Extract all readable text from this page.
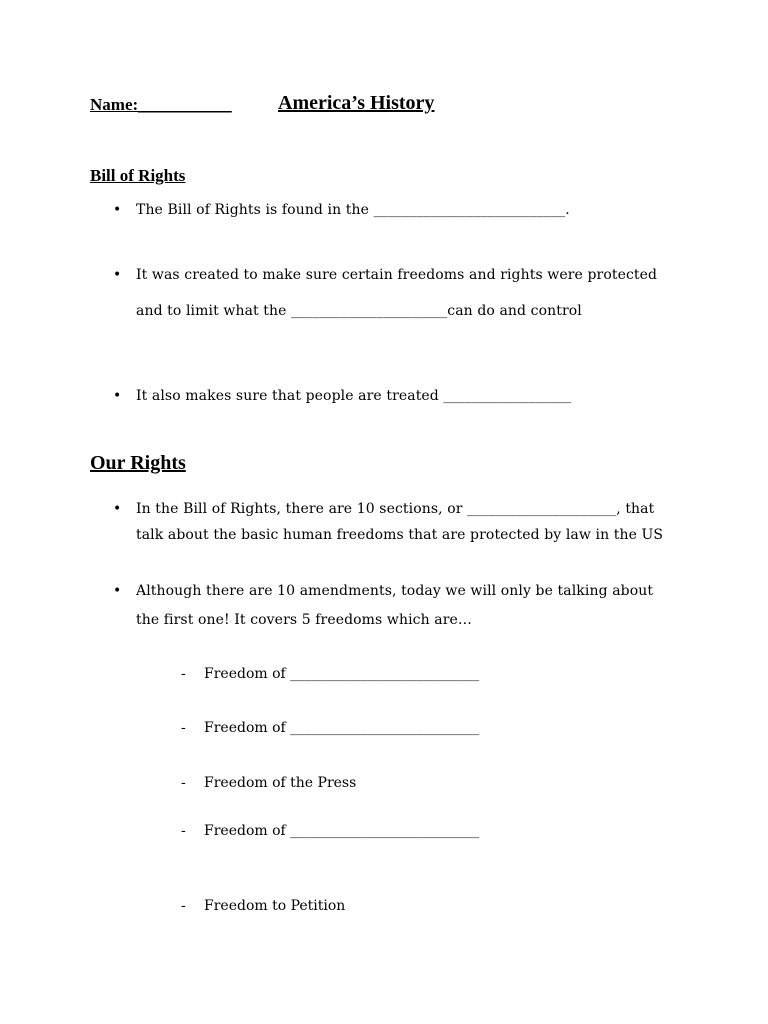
Name:___________ America’s History
Bill of Rights
• The Bill of Rights is found in the ___________________________.
• It was created to make sure certain freedoms and rights were protected
and to limit what the ______________________can do and control
• It also makes sure that people are treated __________________
Our Rights
• In the Bill of Rights, there are 10 sections, or _____________________, that
talk about the basic human freedoms that are protected by law in the US
• Although there are 10 amendments, today we will only be talking about
the first one! It covers 5 freedoms which are…
- Freedom of ___________________________
- Freedom of ___________________________
- Freedom of the Press
- Freedom of ___________________________
- Freedom to Petition
